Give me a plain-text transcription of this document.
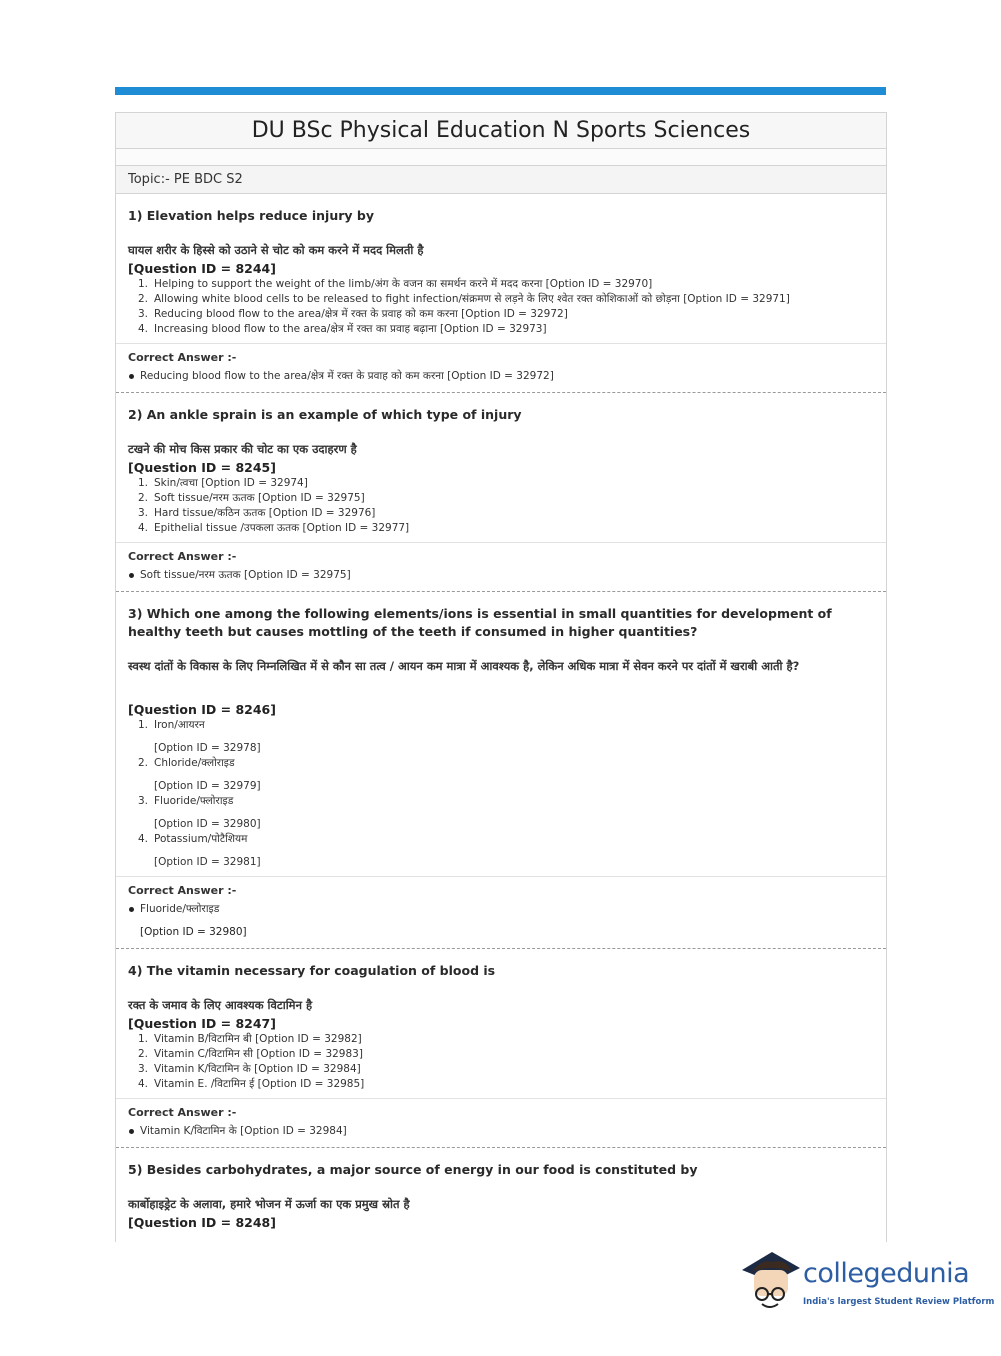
DU BSc Physical Education N Sports Sciences
Topic:- PE BDC S2
1) Elevation helps reduce injury by
घायल शरीर के हिस्से को उठाने से चोट को कम करने में मदद मिलती है
[Question ID = 8244]
1. Helping to support the weight of the limb/अंग के वजन का समर्थन करने में मदद करना [Option ID = 32970]
2. Allowing white blood cells to be released to fight infection/संक्रमण से लड़ने के लिए श्वेत रक्त कोशिकाओं को छोड़ना [Option ID = 32971]
3. Reducing blood flow to the area/क्षेत्र में रक्त के प्रवाह को कम करना [Option ID = 32972]
4. Increasing blood flow to the area/क्षेत्र में रक्त का प्रवाह बढ़ाना [Option ID = 32973]
Correct Answer :-
Reducing blood flow to the area/क्षेत्र में रक्त के प्रवाह को कम करना [Option ID = 32972]
2) An ankle sprain is an example of which type of injury
टखने की मोच किस प्रकार की चोट का एक उदाहरण है
[Question ID = 8245]
1. Skin/त्वचा [Option ID = 32974]
2. Soft tissue/नरम ऊतक [Option ID = 32975]
3. Hard tissue/कठिन ऊतक [Option ID = 32976]
4. Epithelial tissue /उपकला ऊतक [Option ID = 32977]
Correct Answer :-
Soft tissue/नरम ऊतक [Option ID = 32975]
3) Which one among the following elements/ions is essential in small quantities for development of healthy teeth but causes mottling of the teeth if consumed in higher quantities?
स्वस्थ दांतों के विकास के लिए निम्नलिखित में से कौन सा तत्व / आयन कम मात्रा में आवश्यक है, लेकिन अधिक मात्रा में सेवन करने पर दांतों में खराबी आती है?
[Question ID = 8246]
1. Iron/आयरन
[Option ID = 32978]
2. Chloride/क्लोराइड
[Option ID = 32979]
3. Fluoride/फ्लोराइड
[Option ID = 32980]
4. Potassium/पोटैशियम
[Option ID = 32981]
Correct Answer :-
Fluoride/फ्लोराइड
[Option ID = 32980]
4) The vitamin necessary for coagulation of blood is
रक्त के जमाव के लिए आवश्यक विटामिन है
[Question ID = 8247]
1. Vitamin B/विटामिन बी [Option ID = 32982]
2. Vitamin C/विटामिन सी [Option ID = 32983]
3. Vitamin K/विटामिन के [Option ID = 32984]
4. Vitamin E. /विटामिन ई [Option ID = 32985]
Correct Answer :-
Vitamin K/विटामिन के [Option ID = 32984]
5) Besides carbohydrates, a major source of energy in our food is constituted by
कार्बोहाइड्रेट के अलावा, हमारे भोजन में ऊर्जा का एक प्रमुख स्रोत है
[Question ID = 8248]
collegedunia
India's largest Student Review Platform
